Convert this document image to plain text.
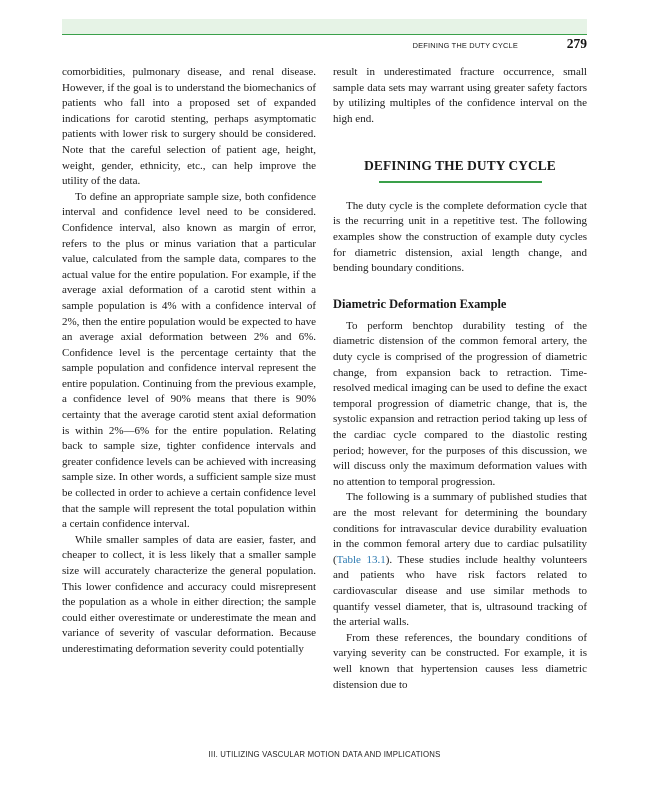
DEFINING THE DUTY CYCLE	279

comorbidities, pulmonary disease, and renal disease. However, if the goal is to understand the biomechanics of patients who fall into a proposed set of expanded indications for carotid stenting, perhaps asymptomatic patients with lower risk to surgery should be considered. Note that the careful selection of patient age, height, weight, gender, ethnicity, etc., can help improve the utility of the data.

To define an appropriate sample size, both confidence interval and confidence level need to be considered. Confidence interval, also known as margin of error, refers to the plus or minus variation that a particular value, calculated from the sample data, compares to the actual value for the entire population. For example, if the average axial deformation of a carotid stent within a sample population is 4% with a confidence interval of 2%, then the entire population would be expected to have an average axial deformation between 2% and 6%. Confidence level is the percentage certainty that the sample population and confidence interval represent the entire population. Continuing from the previous example, a confidence level of 90% means that there is 90% certainty that the average carotid stent axial deformation is within 2%—6% for the entire population. Relating back to sample size, tighter confidence intervals and greater confidence levels can be achieved with increasing sample size. In other words, a sufficient sample size must be collected in order to achieve a certain confidence level that the sample will represent the total population within a certain confidence interval.

While smaller samples of data are easier, faster, and cheaper to collect, it is less likely that a smaller sample size will accurately characterize the general population. This lower confidence and accuracy could misrepresent the population as a whole in either direction; the sample could either overestimate or underestimate the mean and variance of severity of vascular deformation. Because underestimating deformation severity could potentially

result in underestimated fracture occurrence, small sample data sets may warrant using greater safety factors by utilizing multiples of the confidence interval on the high end.

DEFINING THE DUTY CYCLE

The duty cycle is the complete deformation cycle that is the recurring unit in a repetitive test. The following examples show the construction of example duty cycles for diametric distension, axial length change, and bending boundary conditions.

Diametric Deformation Example

To perform benchtop durability testing of the diametric distension of the common femoral artery, the duty cycle is comprised of the progression of diametric change, from expansion back to retraction. Time-resolved medical imaging can be used to define the exact temporal progression of diametric change, that is, the systolic expansion and retraction period taking up less of the cardiac cycle compared to the diastolic resting period; however, for the purposes of this discussion, we will discuss only the maximum deformation values with no attention to temporal progression.

The following is a summary of published studies that are the most relevant for determining the boundary conditions for intravascular device durability evaluation in the common femoral artery due to cardiac pulsatility (Table 13.1). These studies include healthy volunteers and patients who have risk factors related to cardiovascular disease and use similar methods to quantify vessel diameter, that is, ultrasound tracking of the arterial walls.

From these references, the boundary conditions of varying severity can be constructed. For example, it is well known that hypertension causes less diametric distension due to

III. UTILIZING VASCULAR MOTION DATA AND IMPLICATIONS
